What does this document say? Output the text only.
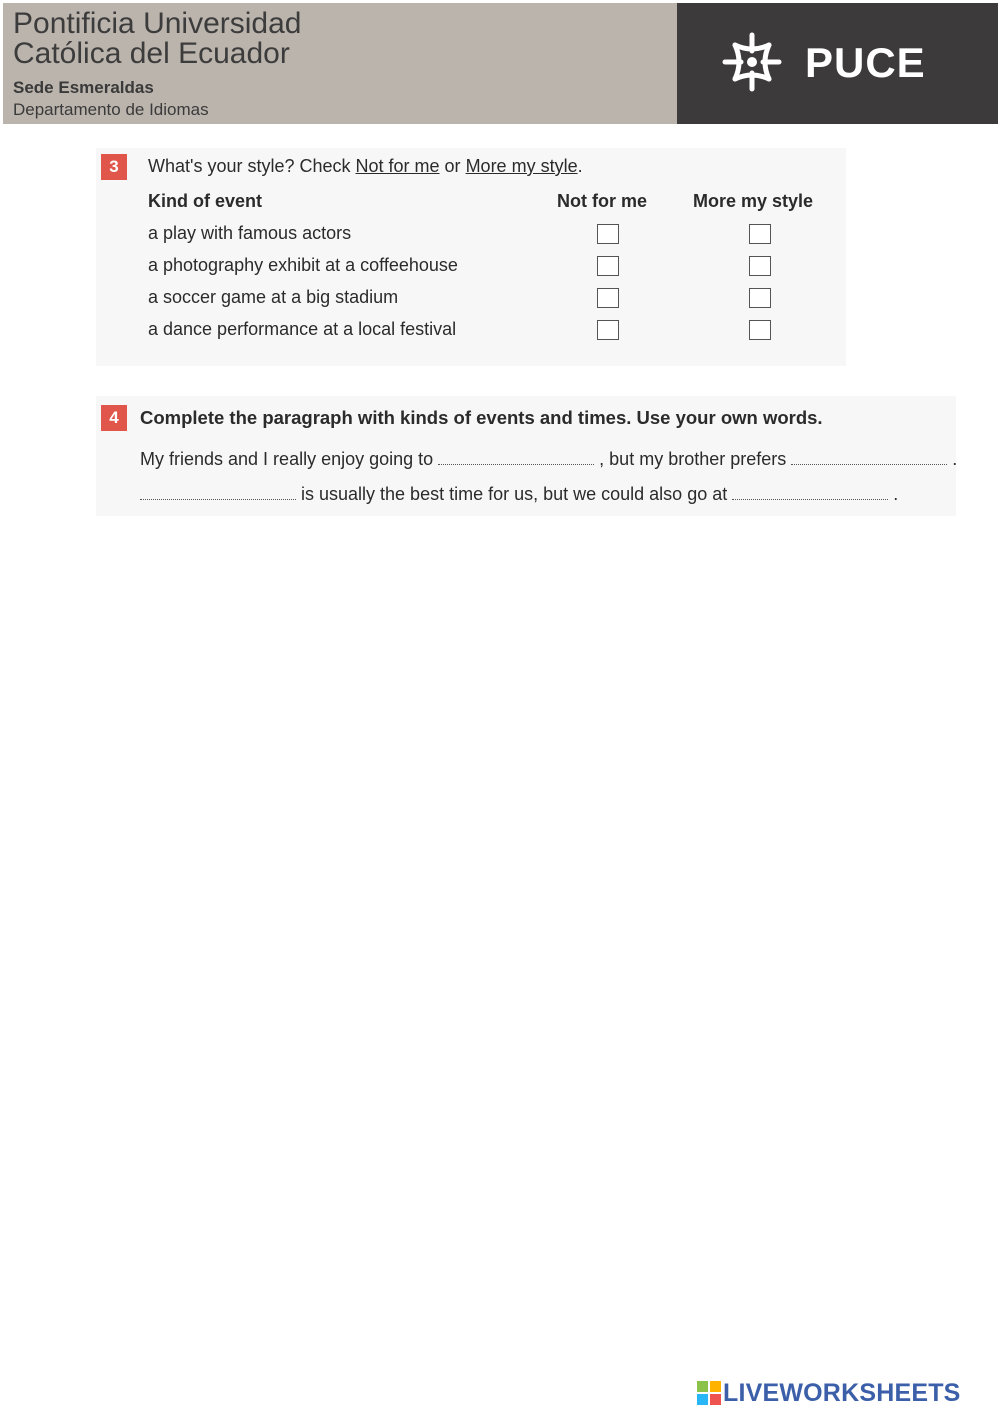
Pontificia Universidad
Católica del Ecuador
Sede Esmeraldas
Departamento de Idiomas
PUCE
3	What's your style? Check Not for me or More my style.
Kind of event	Not for me	More my style
a play with famous actors
a photography exhibit at a coffeehouse
a soccer game at a big stadium
a dance performance at a local festival
4	Complete the paragraph with kinds of events and times. Use your own words.
My friends and I really enjoy going to	, but my brother prefers	.
is usually the best time for us, but we could also go at	.
LIVEWORKSHEETS
